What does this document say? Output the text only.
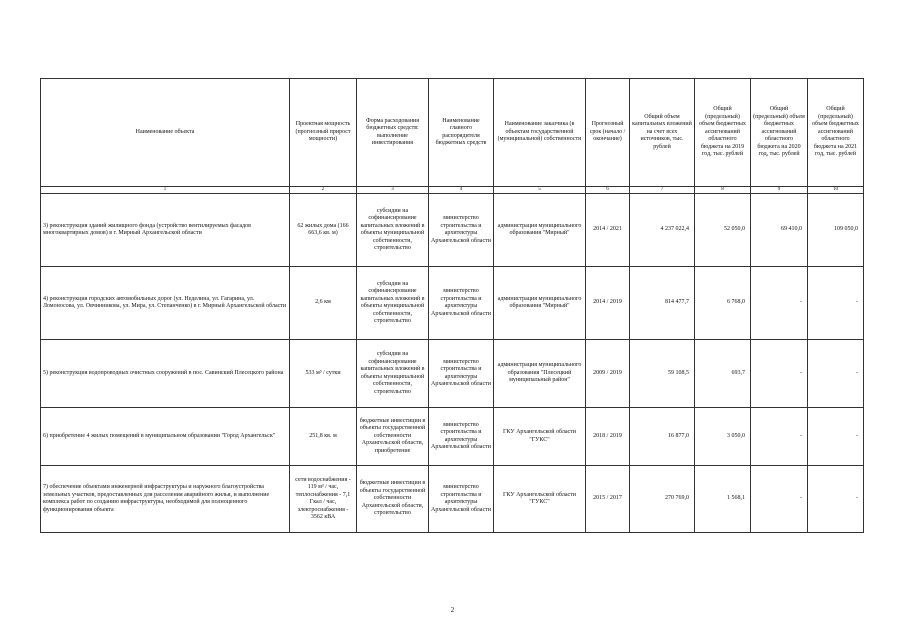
Наименование объекта	Проектная мощность (прогнозный прирост мощности)	Форма расходования бюджетных средств: выполнение инвестирования	Наименование главного распорядителя бюджетных средств	Наименование заказчика (в объектам государственной (муниципальной) собственности	Прогнозный срок (начало / окончание)	Общий объем капитальных вложений на счет всех источников, тыс. рублей	Общий (предельный) объем бюджетных ассигнований областного бюджета на 2019 год, тыс. рублей	Общий (предельный) объем бюджетных ассигнований областного бюджета на 2020 год, тыс. рублей	Общий (предельный) объем бюджетных ассигнований областного бюджета на 2021 год, тыс. рублей
1	2	3	4	5	6	7	8	9	10
3) реконструкция зданий жилищного фонда (устройство вентилируемых фасадов многоквартирных домов) в г. Мирный Архангельской области	62 жилых дома (166 663,6 кв. м)	субсидии на софинансирование капитальных вложений в объекты муниципальной собственности, строительство	министерство строительства и архитектуры Архангельской области	администрация муниципального образования "Мирный"	2014 / 2021	4 237 022,4	52 050,0	69 410,0	109 050,0
4) реконструкция городских автомобильных дорог (ул. Неделина, ул. Гагарина, ул. Ломоносова, ул. Овчинникова, ул. Мира, ул. Степанченко) в г. Мирный Архангельской области	2,6 км	субсидии на софинансирование капитальных вложений в объекты муниципальной собственности, строительство	министерство строительства и архитектуры Архангельской области	администрация муниципального образования "Мирный"	2014 / 2019	814 477,7	6 768,0	-	-
5) реконструкция водопроводных очистных сооружений в пос. Савинский Плесецкого района	533 м³ / сутки	субсидии на софинансирование капитальных вложений в объекты муниципальной собственности, строительство	министерство строительства и архитектуры Архангельской области	администрация муниципального образования "Плесецкий муниципальный район"	2009 / 2019	59 108,5	693,7	-	-
6) приобретение 4 жилых помещений в муниципальном образовании "Город Архангельск"	251,8 кв. м	бюджетные инвестиции в объекты государственной собственности Архангельской области, приобретение	министерство строительства и архитектуры Архангельской области	ГКУ Архангельской области "ГУКС"	2018 / 2019	16 877,0	3 050,0	-	-
7) обеспечение объектами инженерной инфраструктуры и наружного благоустройства земельных участков, предоставленных для расселения аварийного жилья, и выполнение комплекса работ по созданию инфраструктуры, необходимой для полноценного функционирования объекта	сети водоснабжения - 119 м³ / час, теплоснабжения - 7,1 Гкал / час, электроснабжения - 3562 кВА	бюджетные инвестиции в объекты государственной собственности Архангельской области, строительство	министерство строительства и архитектуры Архангельской области	ГКУ Архангельской области "ГУКС"	2015 / 2017	270 769,0	1 568,1	-	-
2
